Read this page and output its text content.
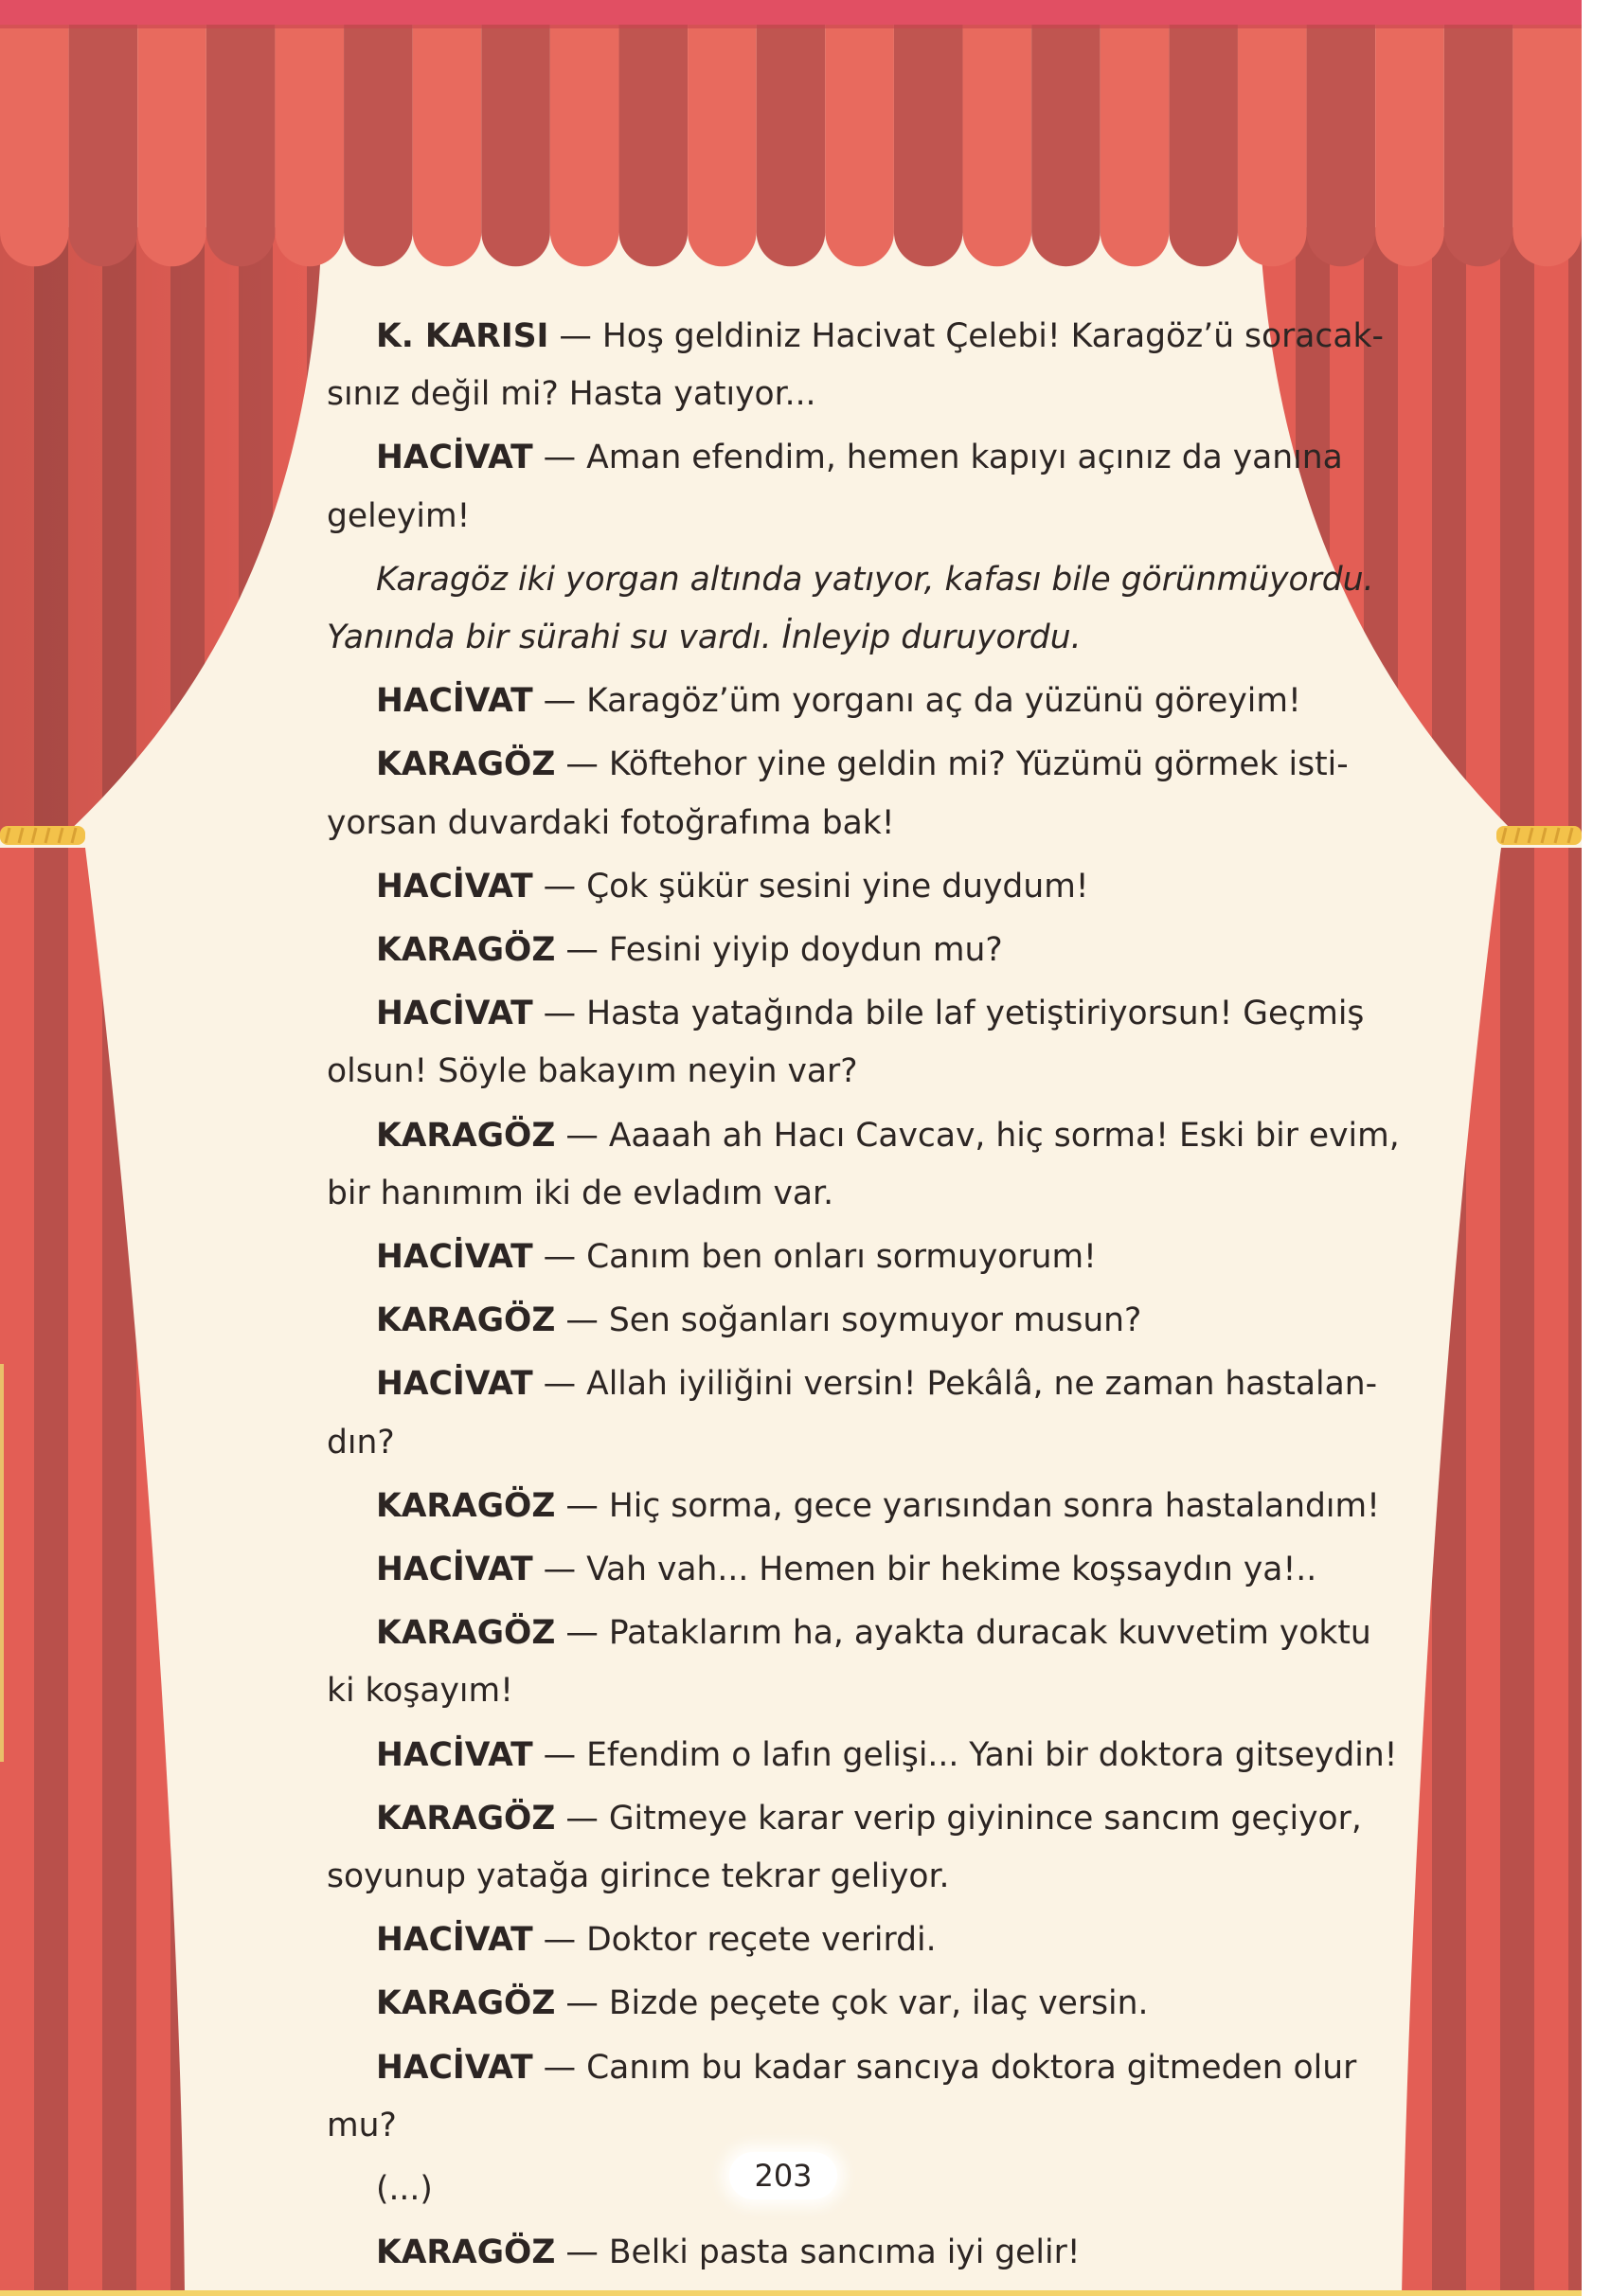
K. KARISI — Hoş geldiniz Hacivat Çelebi! Karagöz’ü soracak-
sınız değil mi? Hasta yatıyor...
HACİVAT — Aman efendim, hemen kapıyı açınız da yanına
geleyim!
Karagöz iki yorgan altında yatıyor, kafası bile görünmüyordu.
Yanında bir sürahi su vardı. İnleyip duruyordu.
HACİVAT — Karagöz’üm yorganı aç da yüzünü göreyim!
KARAGÖZ — Köftehor yine geldin mi? Yüzümü görmek isti-
yorsan duvardaki fotoğrafıma bak!
HACİVAT — Çok şükür sesini yine duydum!
KARAGÖZ — Fesini yiyip doydun mu?
HACİVAT — Hasta yatağında bile laf yetiştiriyorsun! Geçmiş
olsun! Söyle bakayım neyin var?
KARAGÖZ — Aaaah ah Hacı Cavcav, hiç sorma! Eski bir evim,
bir hanımım iki de evladım var.
HACİVAT — Canım ben onları sormuyorum!
KARAGÖZ — Sen soğanları soymuyor musun?
HACİVAT — Allah iyiliğini versin! Pekâlâ, ne zaman hastalan-
dın?
KARAGÖZ — Hiç sorma, gece yarısından sonra hastalandım!
HACİVAT — Vah vah... Hemen bir hekime koşsaydın ya!..
KARAGÖZ — Pataklarım ha, ayakta duracak kuvvetim yoktu
ki koşayım!
HACİVAT — Efendim o lafın gelişi... Yani bir doktora gitseydin!
KARAGÖZ — Gitmeye karar verip giyinince sancım geçiyor,
soyunup yatağa girince tekrar geliyor.
HACİVAT — Doktor reçete verirdi.
KARAGÖZ — Bizde peçete çok var, ilaç versin.
HACİVAT — Canım bu kadar sancıya doktora gitmeden olur
mu?
(...)
KARAGÖZ — Belki pasta sancıma iyi gelir!
203
